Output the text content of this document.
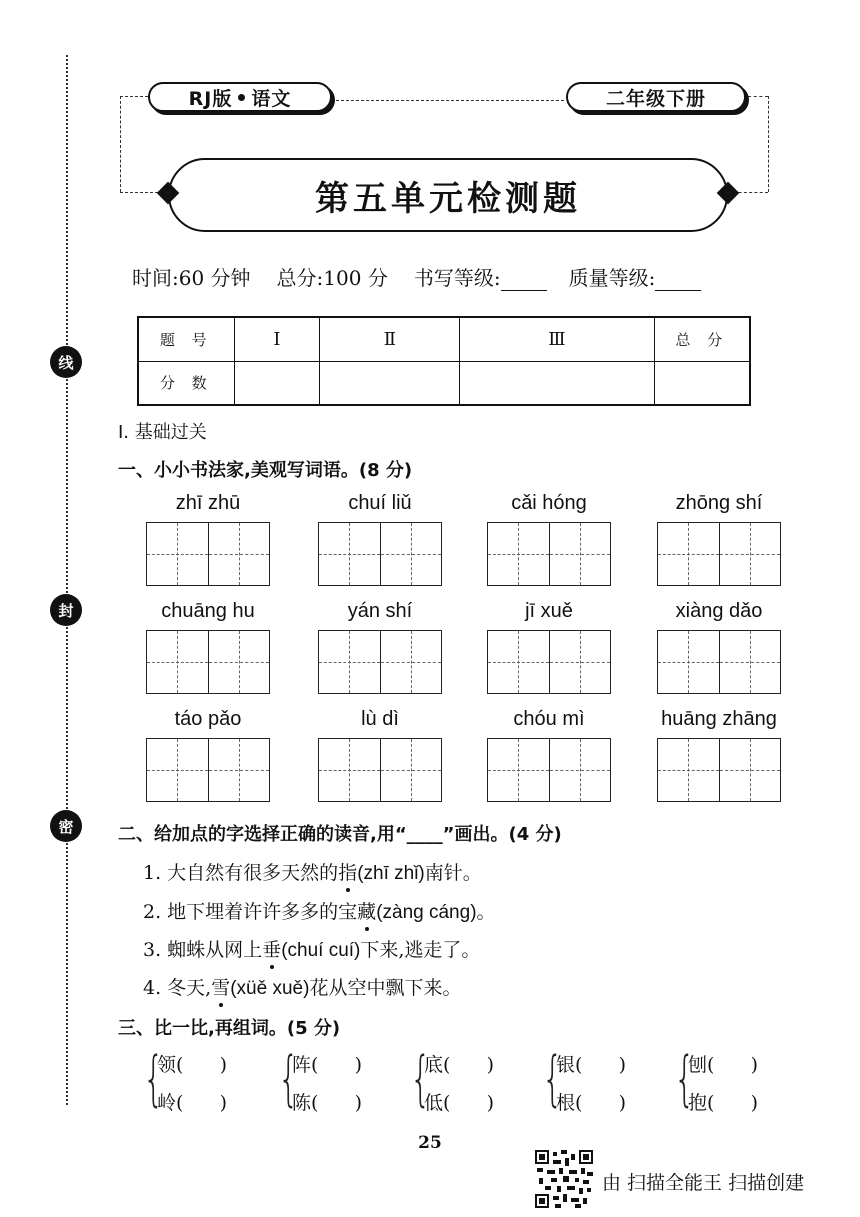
线
封
密
RJ版 语文	二年级下册
第五单元检测题
时间:60 分钟 总分:100 分 书写等级:	质量等级:
题 号	Ⅰ	Ⅱ	Ⅲ	总 分
分 数				
Ⅰ. 基础过关
一、小小书法家,美观写词语。(8 分)
zhī zhū	chuí liǔ	cǎi hóng	zhōng shí
chuāng hu	yán shí	jī xuě	xiàng dǎo
táo pǎo	lù dì	chóu mì	huāng zhāng
二、给加点的字选择正确的读音,用“____”画出。(4 分)
1. 大自然有很多天然的指(zhī zhǐ)南针。
2. 地下埋着许许多多的宝藏(zàng cáng)。
3. 蜘蛛从网上垂(chuí cuí)下来,逃走了。
4. 冬天,雪(xüě xuě)花从空中飘下来。
三、比一比,再组词。(5 分)
{
领(      )
岭(      ) {
阵(      )
陈(      ) {
底(      )
低(      ) {
银(      )
根(      ) {
刨(      )
抱(      )
25
由 扫描全能王 扫描创建
